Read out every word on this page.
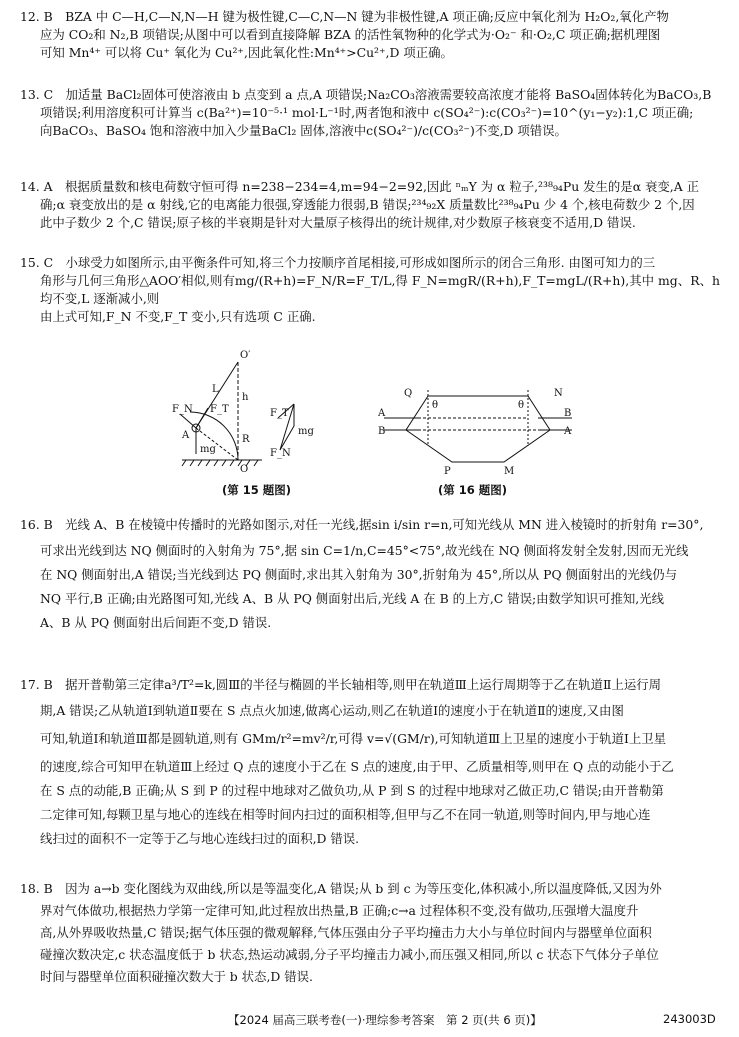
12. B　BZA 中 C—H,C—N,N—H 键为极性键,C—C,N—N 键为非极性键,A 项正确;反应中氧化剂为 H₂O₂,氧化产物
应为 CO₂和 N₂,B 项错误;从图中可以看到直接降解 BZA 的活性氧物种的化学式为·O₂⁻ 和·O₂,C 项正确;据机理图
可知 Mn⁴⁺ 可以将 Cu⁺ 氧化为 Cu²⁺,因此氧化性:Mn⁴⁺>Cu²⁺,D 项正确。
13. C　加适量 BaCl₂固体可使溶液由 b 点变到 a 点,A 项错误;Na₂CO₃溶液需要较高浓度才能将 BaSO₄固体转化为BaCO₃,B
项错误;利用溶度积可计算当 c(Ba²⁺)=10⁻⁵·¹ mol·L⁻¹时,两者饱和液中 c(SO₄²⁻):c(CO₃²⁻)=10^(y₁−y₂):1,C 项正确;
向BaCO₃、BaSO₄ 饱和溶液中加入少量BaCl₂ 固体,溶液中c(SO₄²⁻)/c(CO₃²⁻)不变,D 项错误。
14. A　根据质量数和核电荷数守恒可得 n=238−234=4,m=94−2=92,因此 ⁿₘY 为 α 粒子,²³⁸₉₄Pu 发生的是α 衰变,A 正
确;α 衰变放出的是 α 射线,它的电离能力很强,穿透能力很弱,B 错误;²³⁴₉₂X 质量数比²³⁸₉₄Pu 少 4 个,核电荷数少 2 个,因
此中子数少 2 个,C 错误;原子核的半衰期是针对大量原子核得出的统计规律,对少数原子核衰变不适用,D 错误.
15. C　小球受力如图所示,由平衡条件可知,将三个力按顺序首尾相接,可形成如图所示的闭合三角形. 由图可知力的三
角形与几何三角形△AOO′相似,则有mg/(R+h)=F_N/R=F_T/L,得 F_N=mgR/(R+h),F_T=mgL/(R+h),其中 mg、R、h 均不变,L 逐渐减小,则
由上式可知,F_N 不变,F_T 变小,只有选项 C 正确.
O′
h
L
F_T
F_N
A
mg
R
O
F_T
mg
F_N
(第 15 题图)
Q	N
θ	θ
A
B	A
B
P	M
(第 16 题图)
16. B　光线 A、B 在棱镜中传播时的光路如图示,对任一光线,据sin i/sin r=n,可知光线从 MN 进入棱镜时的折射角 r=30°,
可求出光线到达 NQ 侧面时的入射角为 75°,据 sin C=1/n,C=45°<75°,故光线在 NQ 侧面将发射全发射,因而无光线
在 NQ 侧面射出,A 错误;当光线到达 PQ 侧面时,求出其入射角为 30°,折射角为 45°,所以从 PQ 侧面射出的光线仍与
NQ 平行,B 正确;由光路图可知,光线 A、B 从 PQ 侧面射出后,光线 A 在 B 的上方,C 错误;由数学知识可推知,光线
A、B 从 PQ 侧面射出后间距不变,D 错误.
17. B　据开普勒第三定律a³/T²=k,圆Ⅲ的半径与椭圆的半长轴相等,则甲在轨道Ⅲ上运行周期等于乙在轨道Ⅱ上运行周
期,A 错误;乙从轨道Ⅰ到轨道Ⅱ要在 S 点点火加速,做离心运动,则乙在轨道Ⅰ的速度小于在轨道Ⅱ的速度,又由图
可知,轨道Ⅰ和轨道Ⅲ都是圆轨道,则有 GMm/r²=mv²/r,可得 v=√(GM/r),可知轨道Ⅲ上卫星的速度小于轨道Ⅰ上卫星
的速度,综合可知甲在轨道Ⅲ上经过 Q 点的速度小于乙在 S 点的速度,由于甲、乙质量相等,则甲在 Q 点的动能小于乙
在 S 点的动能,B 正确;从 S 到 P 的过程中地球对乙做负功,从 P 到 S 的过程中地球对乙做正功,C 错误;由开普勒第
二定律可知,每颗卫星与地心的连线在相等时间内扫过的面积相等,但甲与乙不在同一轨道,则等时间内,甲与地心连
线扫过的面积不一定等于乙与地心连线扫过的面积,D 错误.
18. B　因为 a→b 变化图线为双曲线,所以是等温变化,A 错误;从 b 到 c 为等压变化,体积减小,所以温度降低,又因为外
界对气体做功,根据热力学第一定律可知,此过程放出热量,B 正确;c→a 过程体积不变,没有做功,压强增大温度升
高,从外界吸收热量,C 错误;据气体压强的微观解释,气体压强由分子平均撞击力大小与单位时间内与器壁单位面积
碰撞次数决定,c 状态温度低于 b 状态,热运动减弱,分子平均撞击力减小,而压强又相同,所以 c 状态下气体分子单位
时间与器壁单位面积碰撞次数大于 b 状态,D 错误.
【2024 届高三联考卷(一)·理综参考答案　第 2 页(共 6 页)】	243003D
